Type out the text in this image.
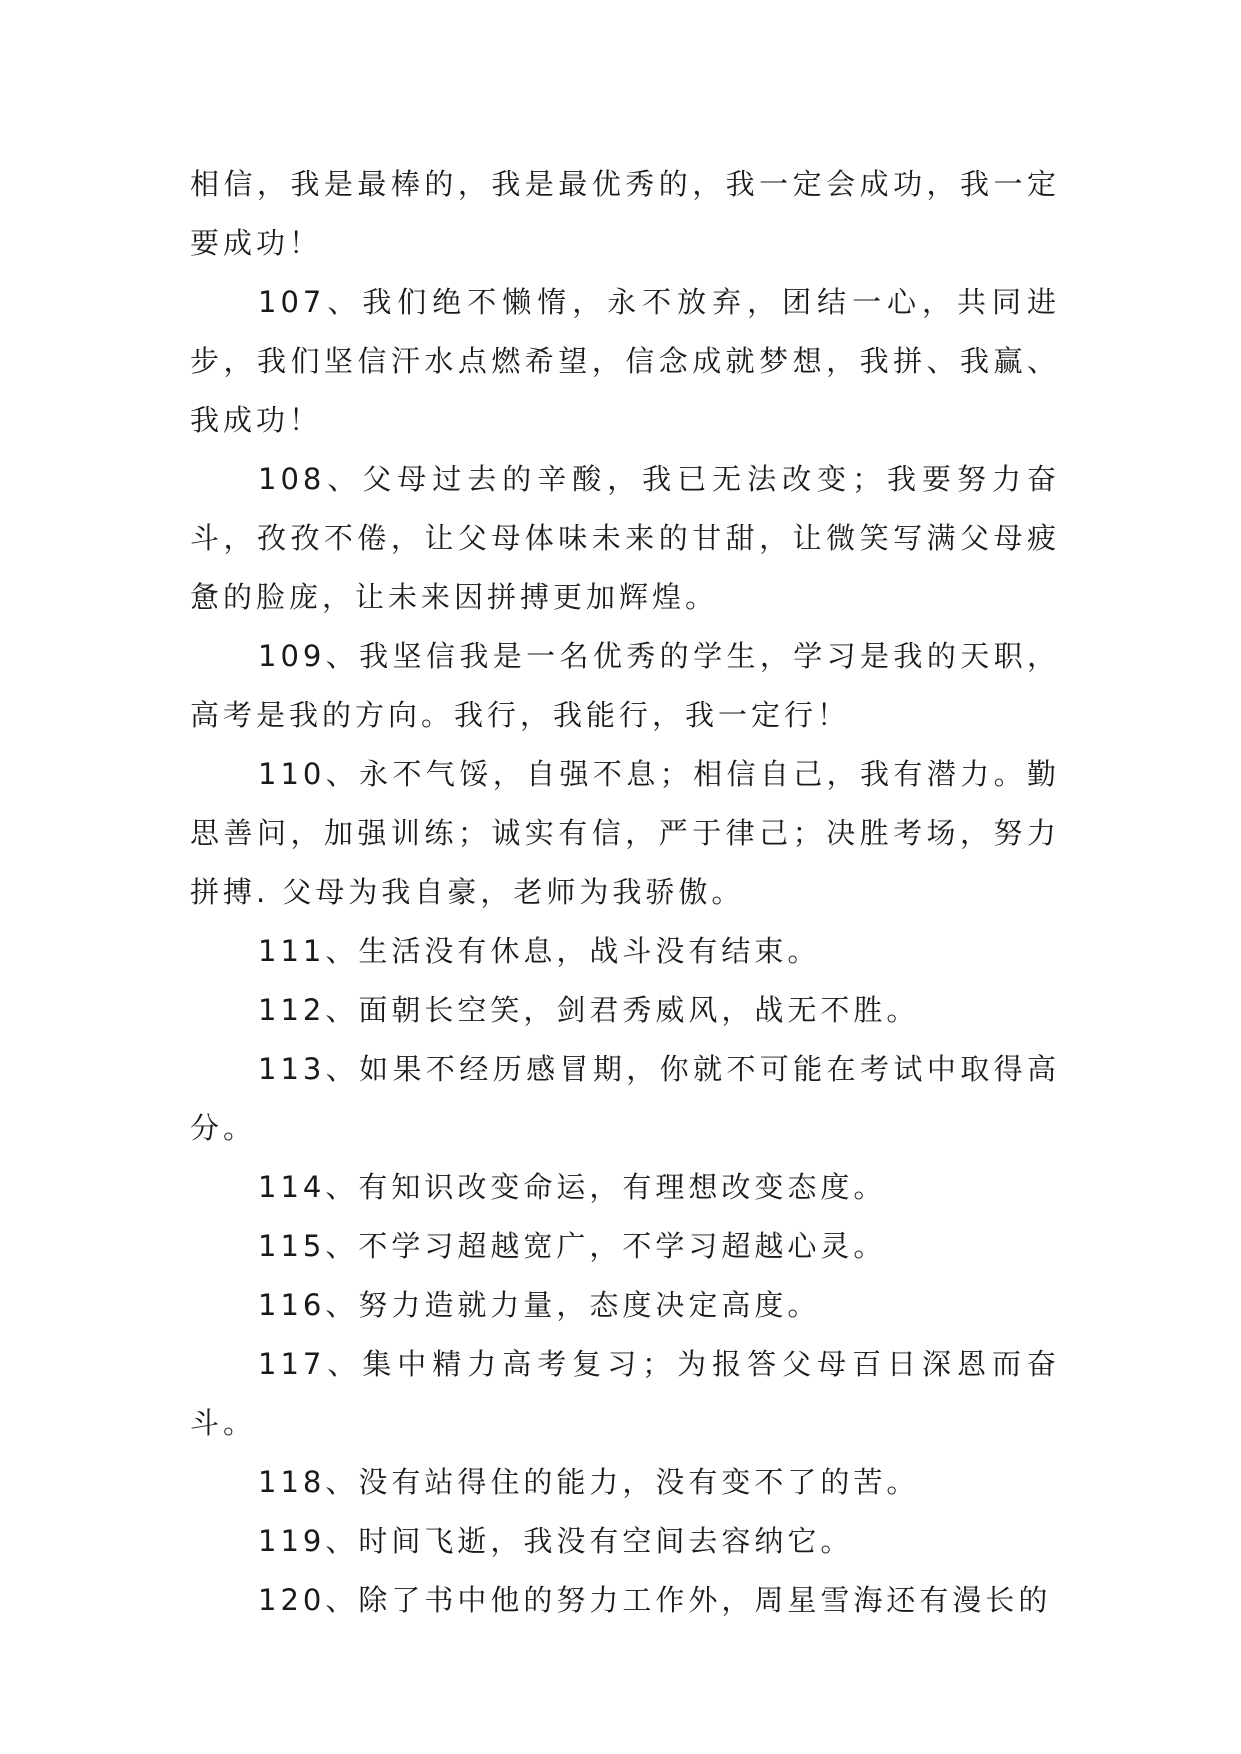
相信，我是最棒的，我是最优秀的，我一定会成功，我一定要成功！

107、我们绝不懒惰，永不放弃，团结一心，共同进步，我们坚信汗水点燃希望，信念成就梦想，我拼、我赢、我成功！

108、父母过去的辛酸，我已无法改变；我要努力奋斗，孜孜不倦，让父母体味未来的甘甜，让微笑写满父母疲惫的脸庞，让未来因拼搏更加辉煌。

109、我坚信我是一名优秀的学生，学习是我的天职，高考是我的方向。我行，我能行，我一定行！

110、永不气馁，自强不息；相信自己，我有潜力。勤思善问，加强训练；诚实有信，严于律己；决胜考场，努力拼搏. 父母为我自豪，老师为我骄傲。

111、生活没有休息，战斗没有结束。

112、面朝长空笑，剑君秀威风，战无不胜。

113、如果不经历感冒期，你就不可能在考试中取得高分。

114、有知识改变命运，有理想改变态度。

115、不学习超越宽广，不学习超越心灵。

116、努力造就力量，态度决定高度。

117、集中精力高考复习；为报答父母百日深恩而奋斗。

118、没有站得住的能力，没有变不了的苦。

119、时间飞逝，我没有空间去容纳它。

120、除了书中他的努力工作外，周星雪海还有漫长的
